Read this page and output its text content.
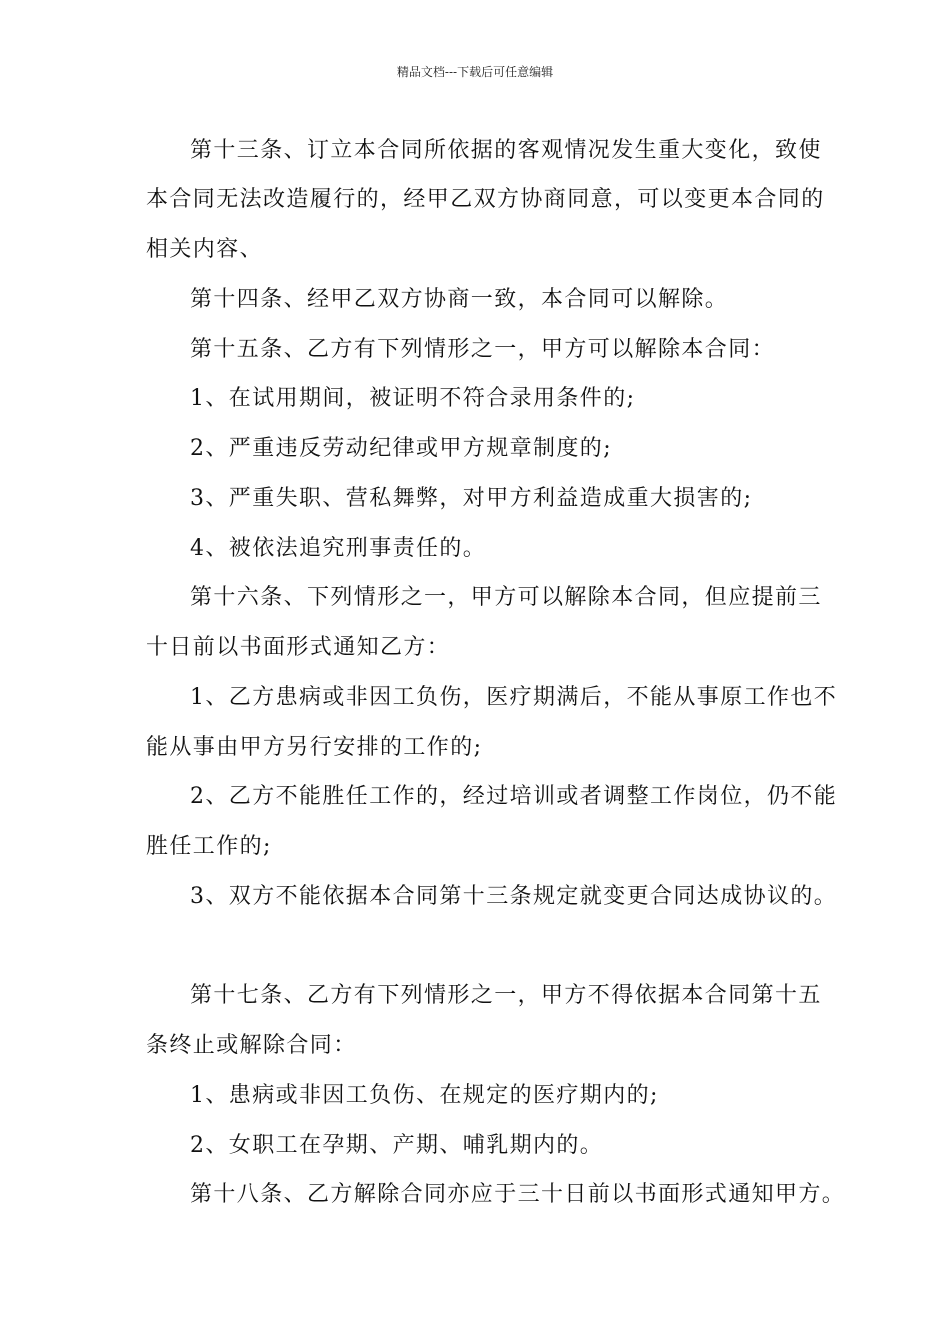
精品文档---下载后可任意编辑
第十三条、订立本合同所依据的客观情况发生重大变化，致使
本合同无法改造履行的，经甲乙双方协商同意，可以变更本合同的
相关内容、
第十四条、经甲乙双方协商一致，本合同可以解除。
第十五条、乙方有下列情形之一，甲方可以解除本合同：
1、在试用期间，被证明不符合录用条件的;
2、严重违反劳动纪律或甲方规章制度的;
3、严重失职、营私舞弊，对甲方利益造成重大损害的;
4、被依法追究刑事责任的。
第十六条、下列情形之一，甲方可以解除本合同，但应提前三
十日前以书面形式通知乙方：
1、乙方患病或非因工负伤，医疗期满后，不能从事原工作也不
能从事由甲方另行安排的工作的;
2、乙方不能胜任工作的，经过培训或者调整工作岗位，仍不能
胜任工作的;
3、双方不能依据本合同第十三条规定就变更合同达成协议的。
第十七条、乙方有下列情形之一，甲方不得依据本合同第十五
条终止或解除合同：
1、患病或非因工负伤、在规定的医疗期内的;
2、女职工在孕期、产期、哺乳期内的。
第十八条、乙方解除合同亦应于三十日前以书面形式通知甲方。
